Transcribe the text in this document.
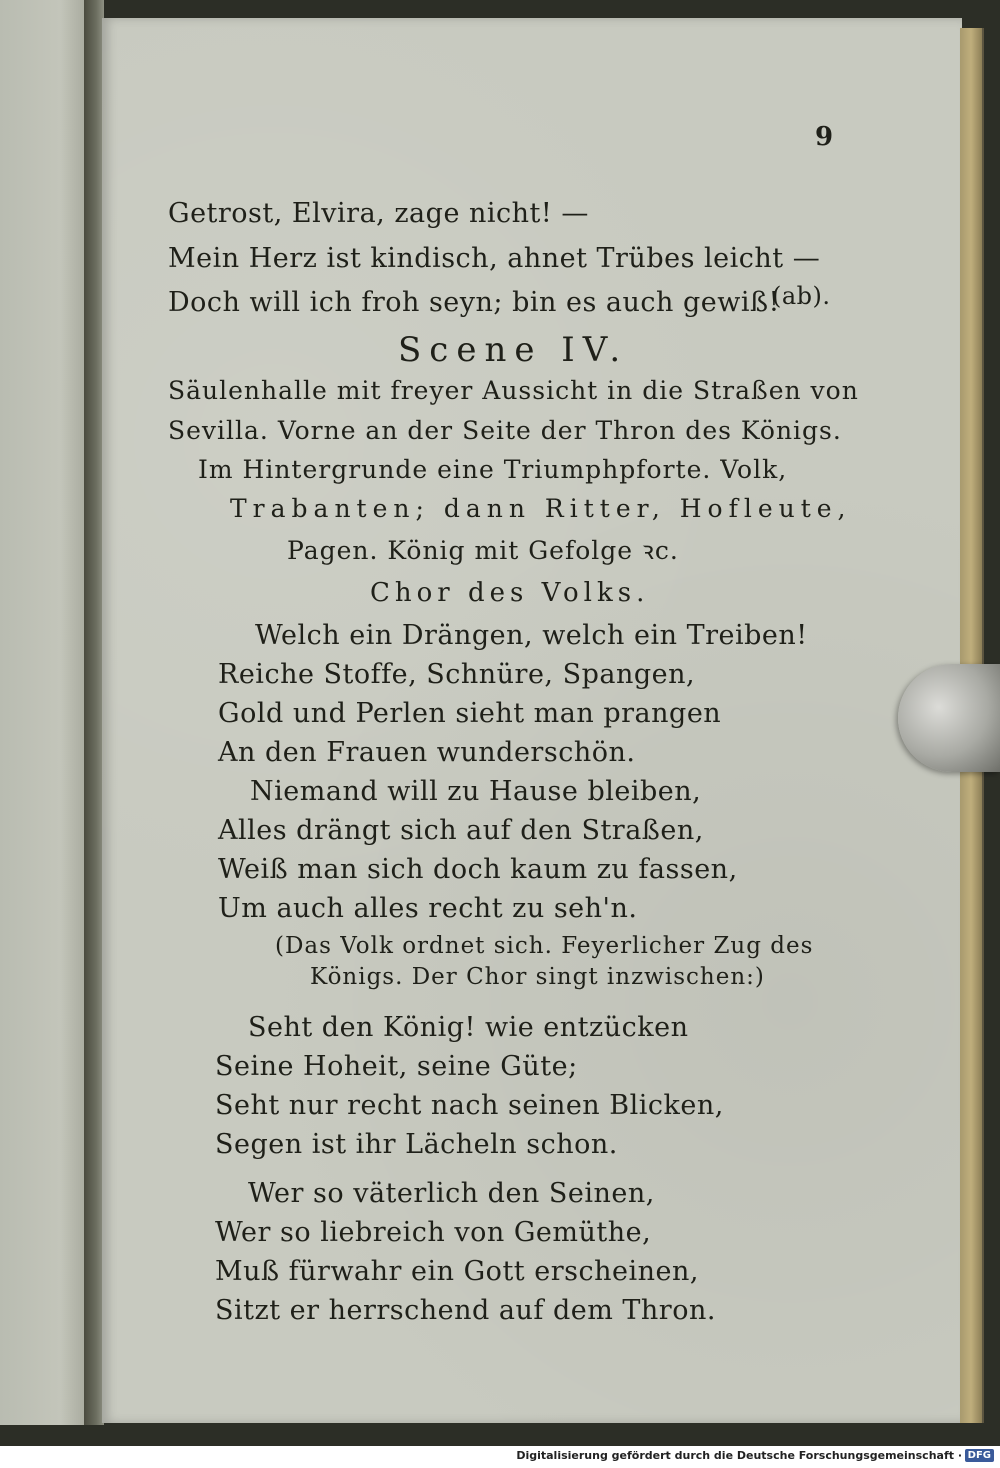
9
Getrost, Elvira, zage nicht! —
Mein Herz ist kindisch, ahnet Trübes leicht —
Doch will ich froh seyn; bin es auch gewiß!
(ab).
Scene IV.
Säulenhalle mit freyer Aussicht in die Straßen von
Sevilla. Vorne an der Seite der Thron des Königs.
Im Hintergrunde eine Triumphpforte. Volk,
Trabanten; dann Ritter, Hofleute,
Pagen. König mit Gefolge ꝛc.
Chor des Volks.
Welch ein Drängen, welch ein Treiben!
Reiche Stoffe, Schnüre, Spangen,
Gold und Perlen sieht man prangen
An den Frauen wunderschön.
Niemand will zu Hause bleiben,
Alles drängt sich auf den Straßen,
Weiß man sich doch kaum zu fassen,
Um auch alles recht zu seh'n.
(Das Volk ordnet sich. Feyerlicher Zug des
Königs. Der Chor singt inzwischen:)
Seht den König! wie entzücken
Seine Hoheit, seine Güte;
Seht nur recht nach seinen Blicken,
Segen ist ihr Lächeln schon.
Wer so väterlich den Seinen,
Wer so liebreich von Gemüthe,
Muß fürwahr ein Gott erscheinen,
Sitzt er herrschend auf dem Thron.
Digitalisierung gefördert durch die Deutsche Forschungsgemeinschaft · DFG
